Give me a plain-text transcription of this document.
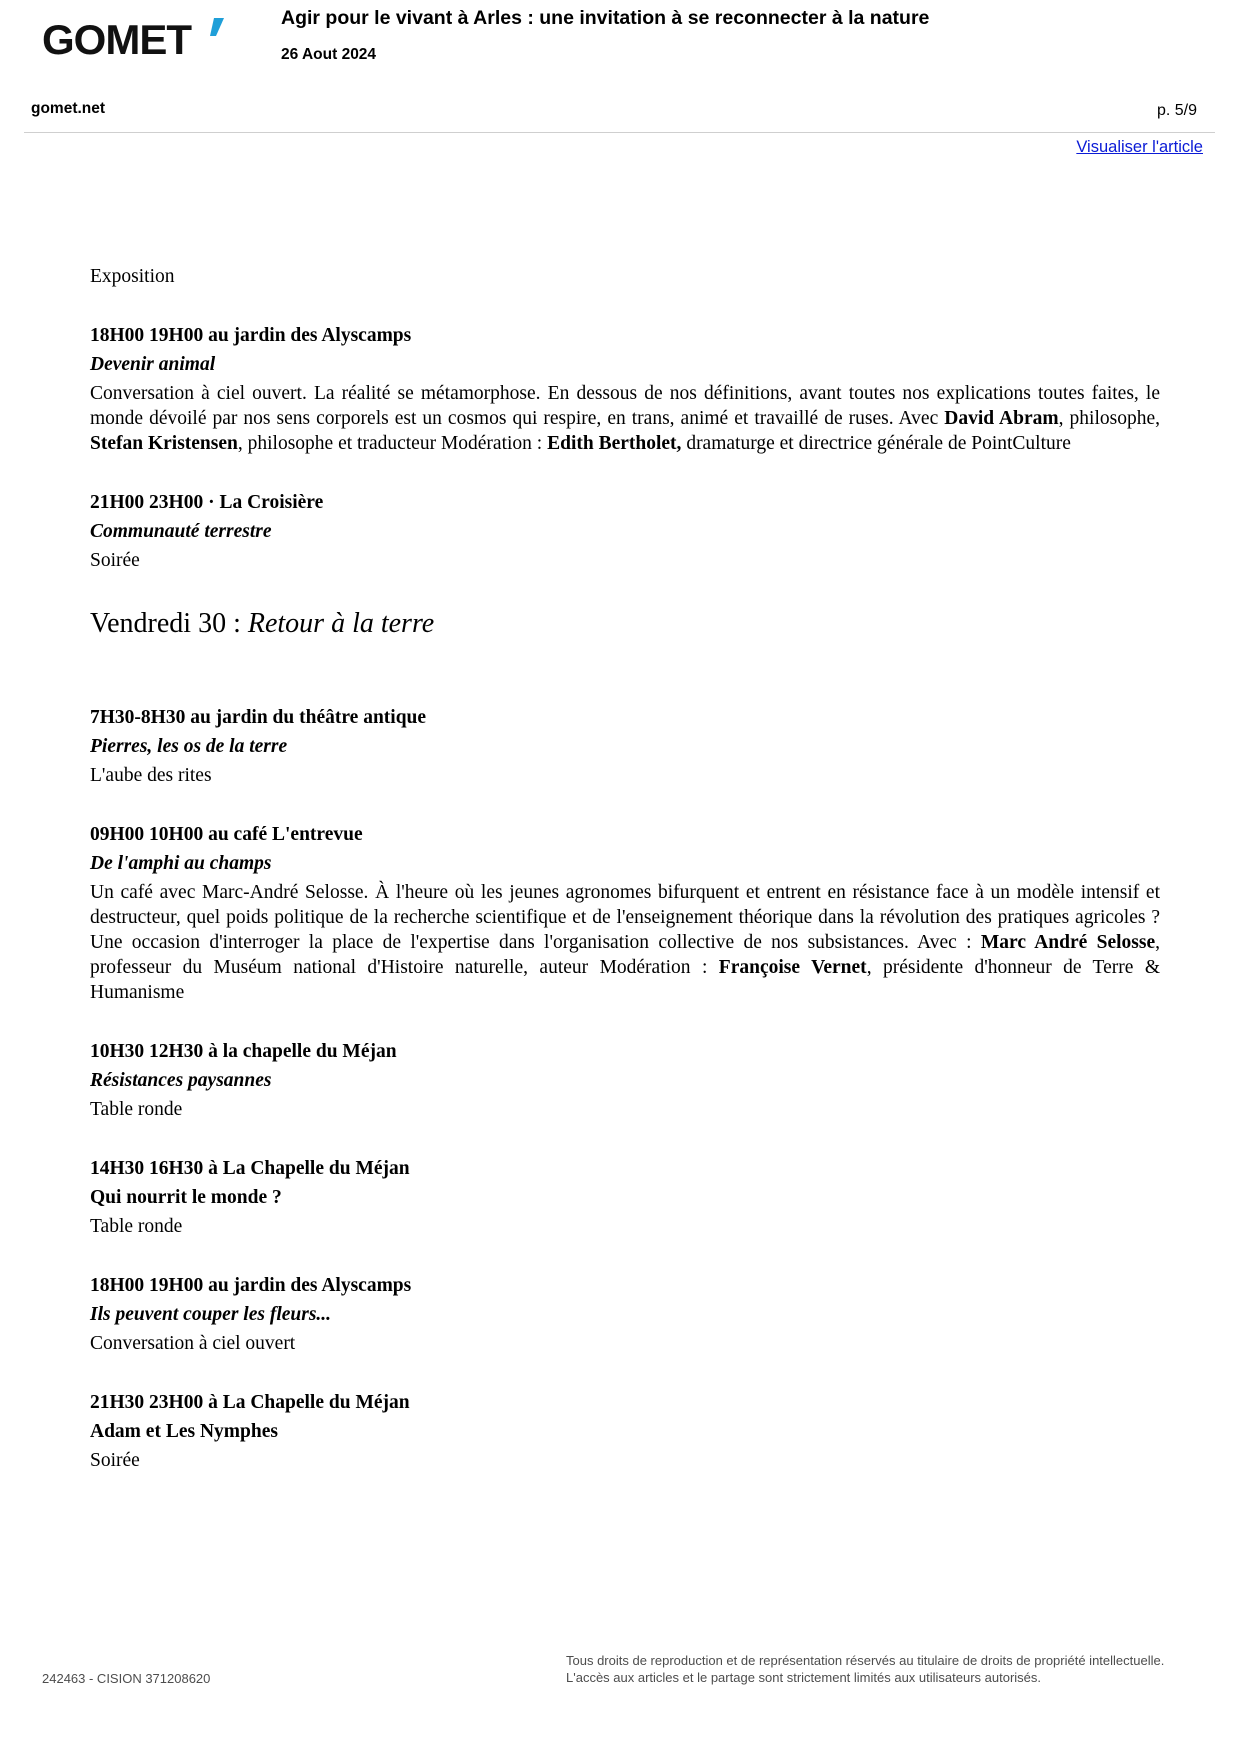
GOMET	Agir pour le vivant à Arles : une invitation à se reconnecter à la nature
26 Aout 2024
gomet.net	p. 5/9
Visualiser l'article

Exposition

18H00 19H00 au jardin des Alyscamps

Devenir animal

Conversation à ciel ouvert. La réalité se métamorphose. En dessous de nos définitions, avant toutes nos explications toutes faites, le monde dévoilé par nos sens corporels est un cosmos qui respire, en trans, animé et travaillé de ruses. Avec David Abram, philosophe, Stefan Kristensen, philosophe et traducteur Modération : Edith Bertholet, dramaturge et directrice générale de PointCulture

21H00 23H00 · La Croisière

Communauté terrestre

Soirée

Vendredi 30 : Retour à la terre

7H30-8H30 au jardin du théâtre antique

Pierres, les os de la terre

L'aube des rites

09H00 10H00 au café L'entrevue

De l'amphi au champs

Un café avec Marc-André Selosse. À l'heure où les jeunes agronomes bifurquent et entrent en résistance face à un modèle intensif et destructeur, quel poids politique de la recherche scientifique et de l'enseignement théorique dans la révolution des pratiques agricoles ? Une occasion d'interroger la place de l'expertise dans l'organisation collective de nos subsistances. Avec : Marc André Selosse, professeur du Muséum national d'Histoire naturelle, auteur Modération : Françoise Vernet, présidente d'honneur de Terre & Humanisme

10H30 12H30 à la chapelle du Méjan

Résistances paysannes

Table ronde

14H30 16H30 à La Chapelle du Méjan

Qui nourrit le monde ?

Table ronde

18H00 19H00 au jardin des Alyscamps

Ils peuvent couper les fleurs...

Conversation à ciel ouvert

21H30 23H00 à La Chapelle du Méjan

Adam et Les Nymphes

Soirée

242463 - CISION 371208620

Tous droits de reproduction et de représentation réservés au titulaire de droits de propriété intellectuelle.

L'accès aux articles et le partage sont strictement limités aux utilisateurs autorisés.
